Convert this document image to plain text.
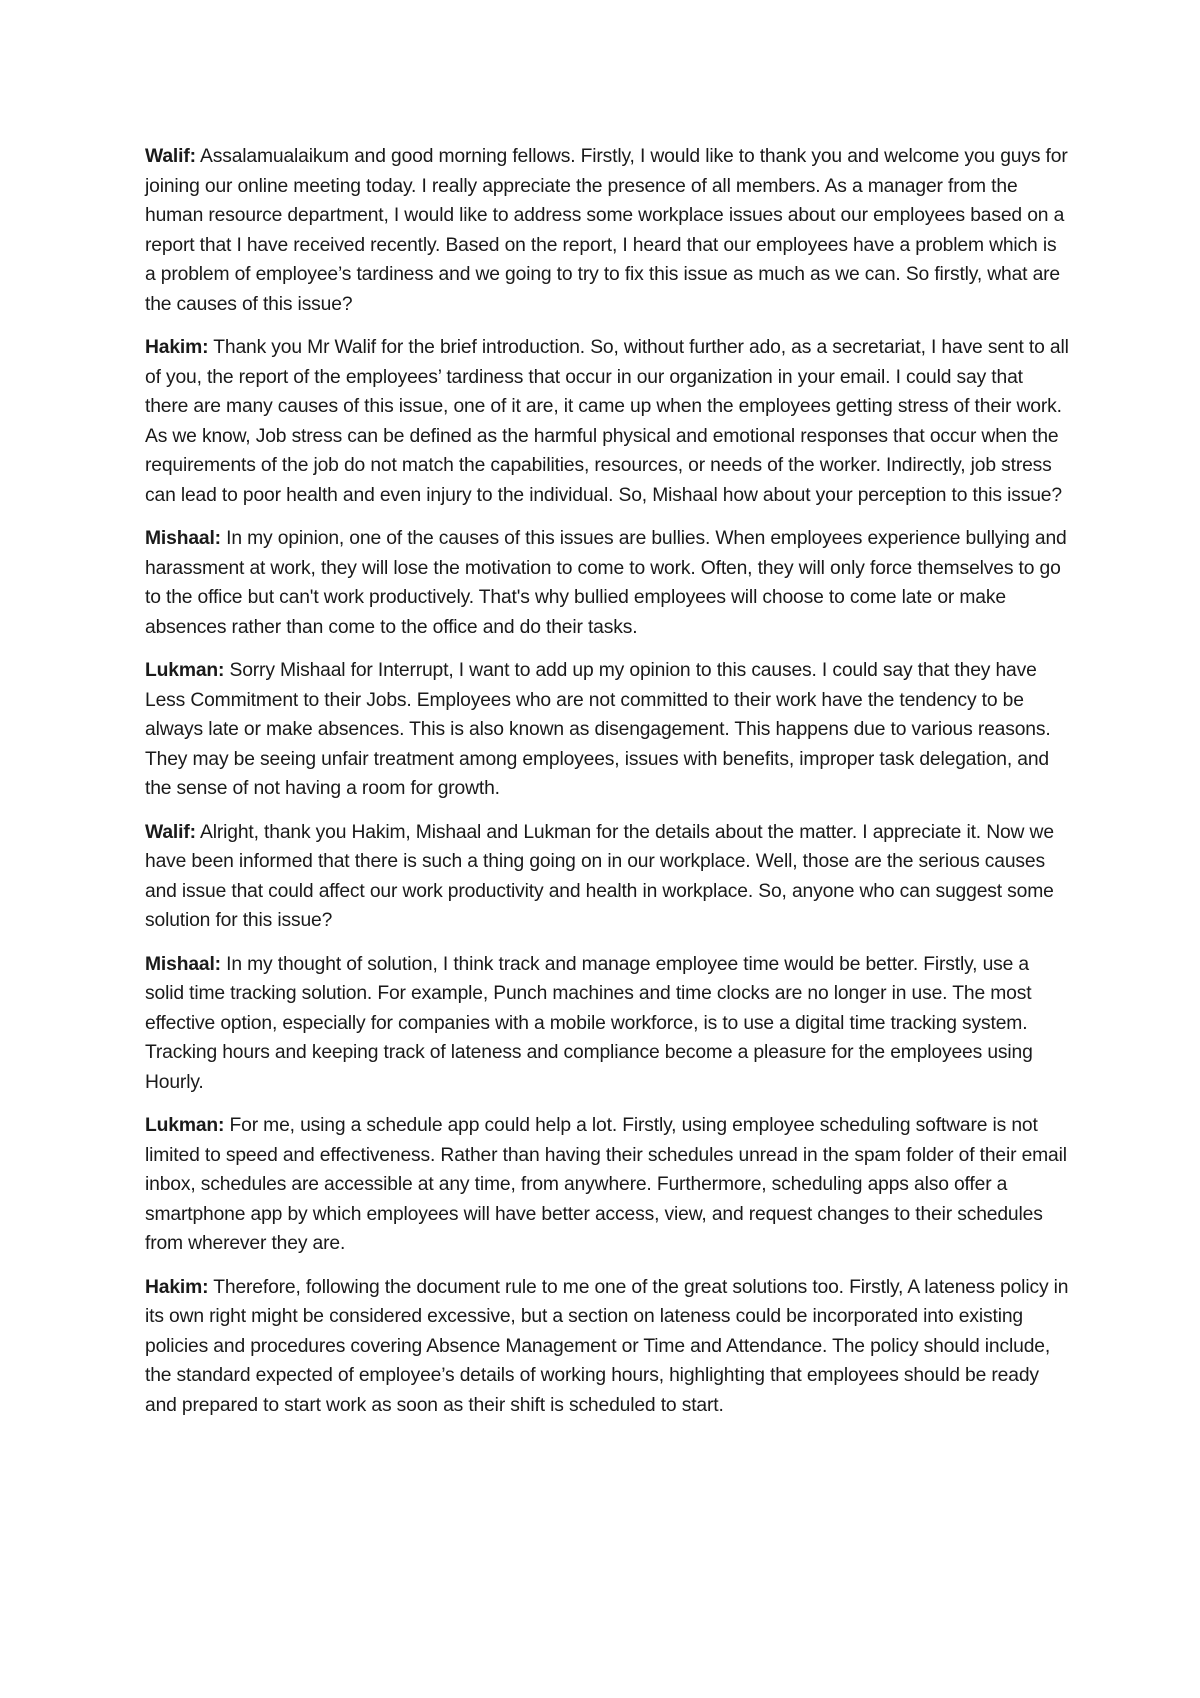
Walif: Assalamualaikum and good morning fellows. Firstly, I would like to thank you and welcome you guys for joining our online meeting today. I really appreciate the presence of all members. As a manager from the human resource department, I would like to address some workplace issues about our employees based on a report that I have received recently. Based on the report, I heard that our employees have a problem which is a problem of employee’s tardiness and we going to try to fix this issue as much as we can. So firstly, what are the causes of this issue?

Hakim: Thank you Mr Walif for the brief introduction. So, without further ado, as a secretariat, I have sent to all of you, the report of the employees’ tardiness that occur in our organization in your email. I could say that there are many causes of this issue, one of it are, it came up when the employees getting stress of their work. As we know, Job stress can be defined as the harmful physical and emotional responses that occur when the requirements of the job do not match the capabilities, resources, or needs of the worker. Indirectly, job stress can lead to poor health and even injury to the individual. So, Mishaal how about your perception to this issue?

Mishaal: In my opinion, one of the causes of this issues are bullies. When employees experience bullying and harassment at work, they will lose the motivation to come to work. Often, they will only force themselves to go to the office but can't work productively. That's why bullied employees will choose to come late or make absences rather than come to the office and do their tasks.

Lukman: Sorry Mishaal for Interrupt, I want to add up my opinion to this causes. I could say that they have Less Commitment to their Jobs. Employees who are not committed to their work have the tendency to be always late or make absences. This is also known as disengagement. This happens due to various reasons. They may be seeing unfair treatment among employees, issues with benefits, improper task delegation, and the sense of not having a room for growth.

Walif: Alright, thank you Hakim, Mishaal and Lukman for the details about the matter. I appreciate it. Now we have been informed that there is such a thing going on in our workplace. Well, those are the serious causes and issue that could affect our work productivity and health in workplace. So, anyone who can suggest some solution for this issue?

Mishaal: In my thought of solution, I think track and manage employee time would be better. Firstly, use a solid time tracking solution. For example, Punch machines and time clocks are no longer in use. The most effective option, especially for companies with a mobile workforce, is to use a digital time tracking system. Tracking hours and keeping track of lateness and compliance become a pleasure for the employees using Hourly.

Lukman: For me, using a schedule app could help a lot. Firstly, using employee scheduling software is not limited to speed and effectiveness. Rather than having their schedules unread in the spam folder of their email inbox, schedules are accessible at any time, from anywhere. Furthermore, scheduling apps also offer a smartphone app by which employees will have better access, view, and request changes to their schedules from wherever they are.

Hakim: Therefore, following the document rule to me one of the great solutions too. Firstly, A lateness policy in its own right might be considered excessive, but a section on lateness could be incorporated into existing policies and procedures covering Absence Management or Time and Attendance. The policy should include, the standard expected of employee’s details of working hours, highlighting that employees should be ready and prepared to start work as soon as their shift is scheduled to start.
